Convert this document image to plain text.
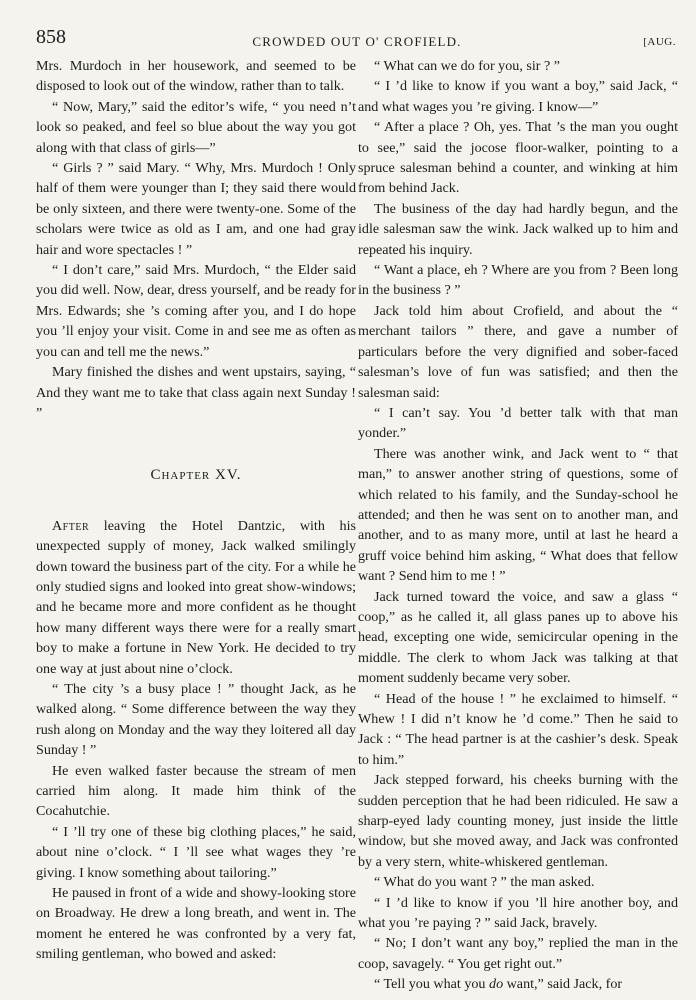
858	CROWDED OUT O' CROFIELD.	[AUG.

Mrs. Murdoch in her housework, and seemed to be disposed to look out of the window, rather than to talk.

“ Now, Mary,” said the editor’s wife, “ you need n’t look so peaked, and feel so blue about the way you got along with that class of girls—”

“ Girls ? ” said Mary. “ Why, Mrs. Murdoch ! Only half of them were younger than I; they said there would be only sixteen, and there were twenty-one. Some of the scholars were twice as old as I am, and one had gray hair and wore spectacles ! ”

“ I don’t care,” said Mrs. Murdoch, “ the Elder said you did well. Now, dear, dress yourself, and be ready for Mrs. Edwards; she ’s coming after you, and I do hope you ’ll enjoy your visit. Come in and see me as often as you can and tell me the news.”

Mary finished the dishes and went upstairs, saying, “ And they want me to take that class again next Sunday ! ”

Chapter XV.

After leaving the Hotel Dantzic, with his unexpected supply of money, Jack walked smilingly down toward the business part of the city. For a while he only studied signs and looked into great show-windows; and he became more and more confident as he thought how many different ways there were for a really smart boy to make a fortune in New York. He decided to try one way at just about nine o’clock.

“ The city ’s a busy place ! ” thought Jack, as he walked along. “ Some difference between the way they rush along on Monday and the way they loitered all day Sunday ! ”

He even walked faster because the stream of men carried him along. It made him think of the Cocahutchie.

“ I ’ll try one of these big clothing places,” he said, about nine o’clock. “ I ’ll see what wages they ’re giving. I know something about tailoring.”

He paused in front of a wide and showy-looking store on Broadway. He drew a long breath, and went in. The moment he entered he was confronted by a very fat, smiling gentleman, who bowed and asked:

“ What can we do for you, sir ? ”

“ I ’d like to know if you want a boy,” said Jack, “ and what wages you ’re giving. I know—”

“ After a place ? Oh, yes. That ’s the man you ought to see,” said the jocose floor-walker, pointing to a spruce salesman behind a counter, and winking at him from behind Jack.

The business of the day had hardly begun, and the idle salesman saw the wink. Jack walked up to him and repeated his inquiry.

“ Want a place, eh ? Where are you from ? Been long in the business ? ”

Jack told him about Crofield, and about the “ merchant tailors ” there, and gave a number of particulars before the very dignified and sober-faced salesman’s love of fun was satisfied; and then the salesman said:

“ I can’t say. You ’d better talk with that man yonder.”

There was another wink, and Jack went to “ that man,” to answer another string of questions, some of which related to his family, and the Sunday-school he attended; and then he was sent on to another man, and another, and to as many more, until at last he heard a gruff voice behind him asking, “ What does that fellow want ? Send him to me ! ”

Jack turned toward the voice, and saw a glass “ coop,” as he called it, all glass panes up to above his head, excepting one wide, semicircular opening in the middle. The clerk to whom Jack was talking at that moment suddenly became very sober.

“ Head of the house ! ” he exclaimed to himself. “ Whew ! I did n’t know he ’d come.” Then he said to Jack : “ The head partner is at the cashier’s desk. Speak to him.”

Jack stepped forward, his cheeks burning with the sudden perception that he had been ridiculed. He saw a sharp-eyed lady counting money, just inside the little window, but she moved away, and Jack was confronted by a very stern, white-whiskered gentleman.

“ What do you want ? ” the man asked.

“ I ’d like to know if you ’ll hire another boy, and what you ’re paying ? ” said Jack, bravely.

“ No; I don’t want any boy,” replied the man in the coop, savagely. “ You get right out.”

“ Tell you what you do want,” said Jack, for
